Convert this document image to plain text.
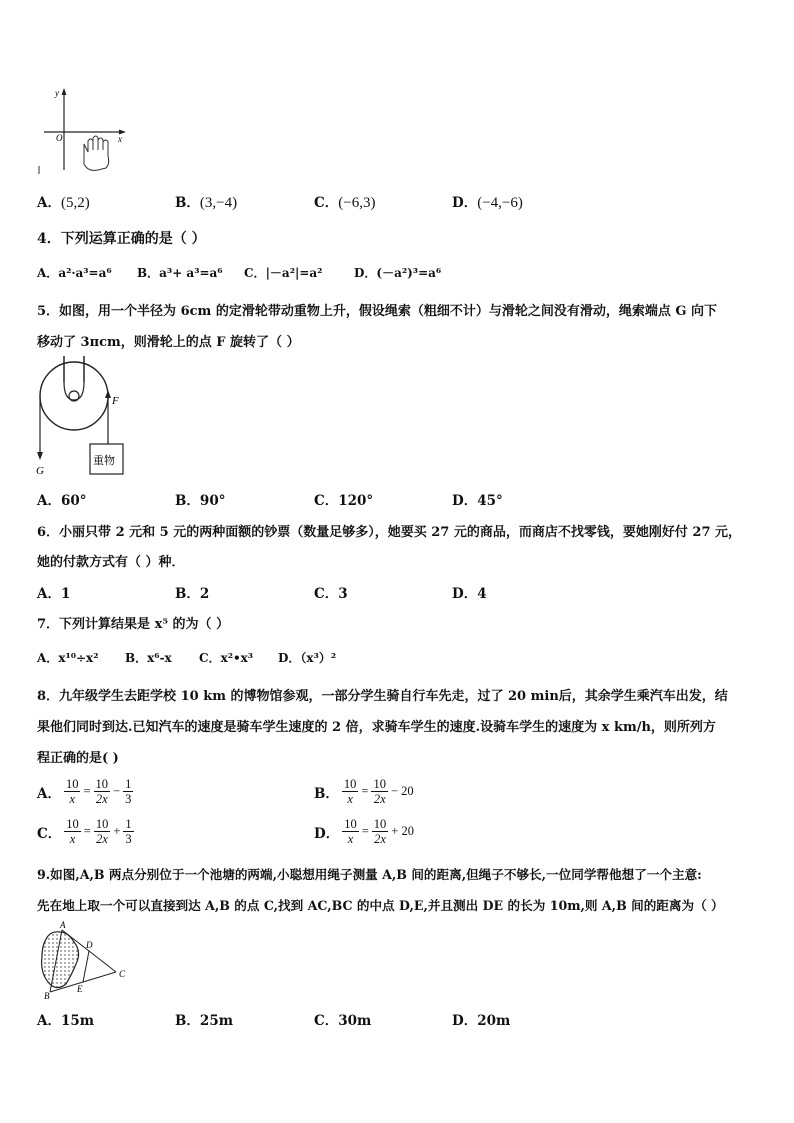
y
x
O
A．(5,2)	B．(3,−4)	C．(−6,3)	D．(−4,−6)
4．下列运算正确的是（ ）
A．a²·a³=a⁶ B．a³+ a³=a⁶ C．|－a²|=a²	D．(－a²)³=a⁶
5．如图，用一个半径为 6cm 的定滑轮带动重物上升，假设绳索（粗细不计）与滑轮之间没有滑动，绳索端点 G 向下
移动了 3πcm，则滑轮上的点 F 旋转了（ ）
重物
F
G
A．60°	B．90°	C．120°	D．45°
6．小丽只带 2 元和 5 元的两种面额的钞票（数量足够多），她要买 27 元的商品，而商店不找零钱，要她刚好付 27 元，
她的付款方式有（ ）种．
A．1	B．2	C．3	D．4
7．下列计算结果是 x⁵ 的为（ ）
A．x¹⁰÷x² B．x⁶-x C．x²•x³ D．（x³）²
8．九年级学生去距学校 10 km 的博物馆参观，一部分学生骑自行车先走，过了 20 min后，其余学生乘汽车出发，结
果他们同时到达.已知汽车的速度是骑车学生速度的 2 倍，求骑车学生的速度.设骑车学生的速度为 x km/h，则所列方
程正确的是( )
A． $\frac{10}{x} = \frac{10}{2x} - \frac{1}{3}$	B． $\frac{10}{x} = \frac{10}{2x} - 20$
C． $\frac{10}{x} = \frac{10}{2x} + \frac{1}{3}$	D． $\frac{10}{x} = \frac{10}{2x} + 20$
9.如图,A,B 两点分别位于一个池塘的两端,小聪想用绳子测量 A,B 间的距离,但绳子不够长,一位同学帮他想了一个主意:
先在地上取一个可以直接到达 A,B 的点 C,找到 AC,BC 的中点 D,E,并且测出 DE 的长为 10m,则 A,B 间的距离为（ ）
A
B
C
D
E
A．15m	B．25m	C．30m	D．20m
